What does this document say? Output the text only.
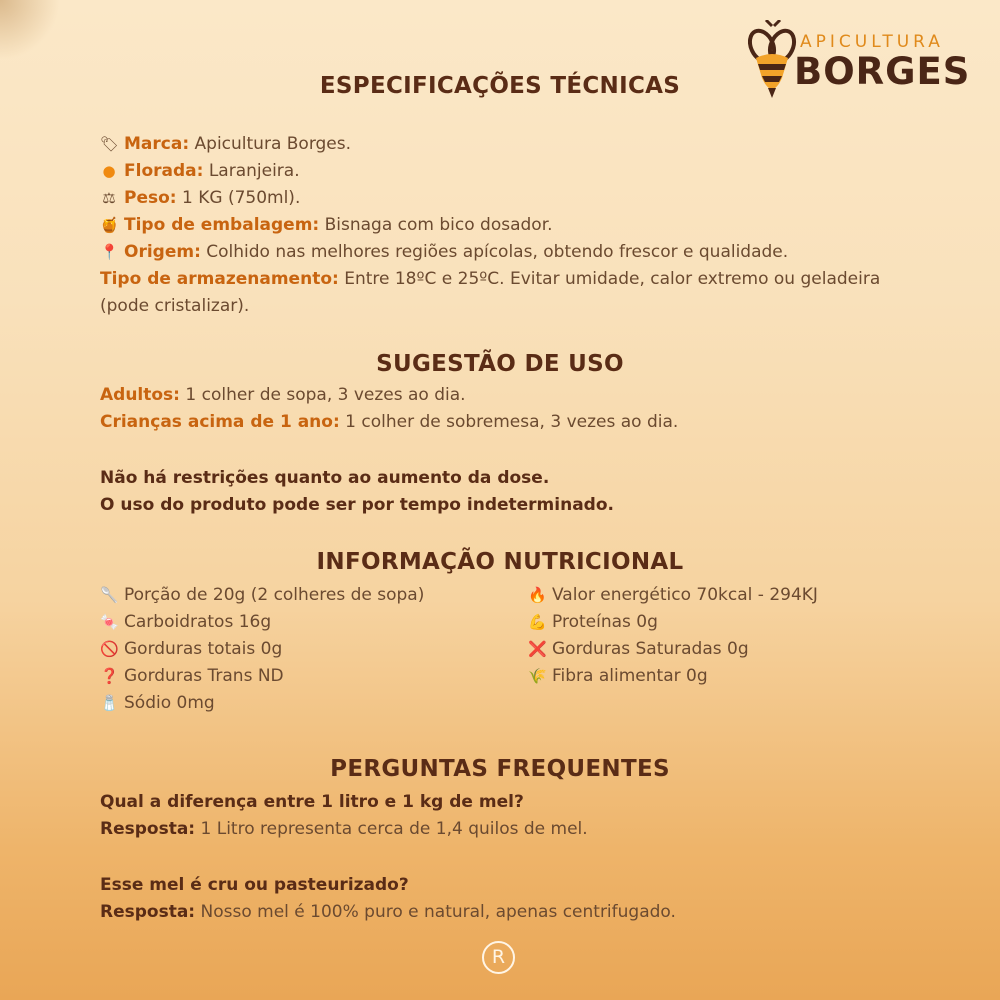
APICULTURA
BORGES
ESPECIFICAÇÕES TÉCNICAS

🏷 Marca: Apicultura Borges.

● Florada: Laranjeira.

⚖ Peso: 1 KG (750ml).

🍯 Tipo de embalagem: Bisnaga com bico dosador.

📍 Origem: Colhido nas melhores regiões apícolas, obtendo frescor e qualidade.

Tipo de armazenamento: Entre 18ºC e 25ºC. Evitar umidade, calor extremo ou geladeira (pode cristalizar).

SUGESTÃO DE USO

Adultos: 1 colher de sopa, 3 vezes ao dia.

Crianças acima de 1 ano: 1 colher de sobremesa, 3 vezes ao dia.

Não há restrições quanto ao aumento da dose.

O uso do produto pode ser por tempo indeterminado.

INFORMAÇÃO NUTRICIONAL

🥄 Porção de 20g (2 colheres de sopa)

🍬 Carboidratos 16g

🚫 Gorduras totais 0g

❓ Gorduras Trans ND

🧂 Sódio 0mg

🔥 Valor energético 70kcal - 294KJ

💪 Proteínas 0g

❌ Gorduras Saturadas 0g

🌾 Fibra alimentar 0g

PERGUNTAS FREQUENTES

Qual a diferença entre 1 litro e 1 kg de mel?

Resposta: 1 Litro representa cerca de 1,4 quilos de mel.

Esse mel é cru ou pasteurizado?

Resposta: Nosso mel é 100% puro e natural, apenas centrifugado.

R
